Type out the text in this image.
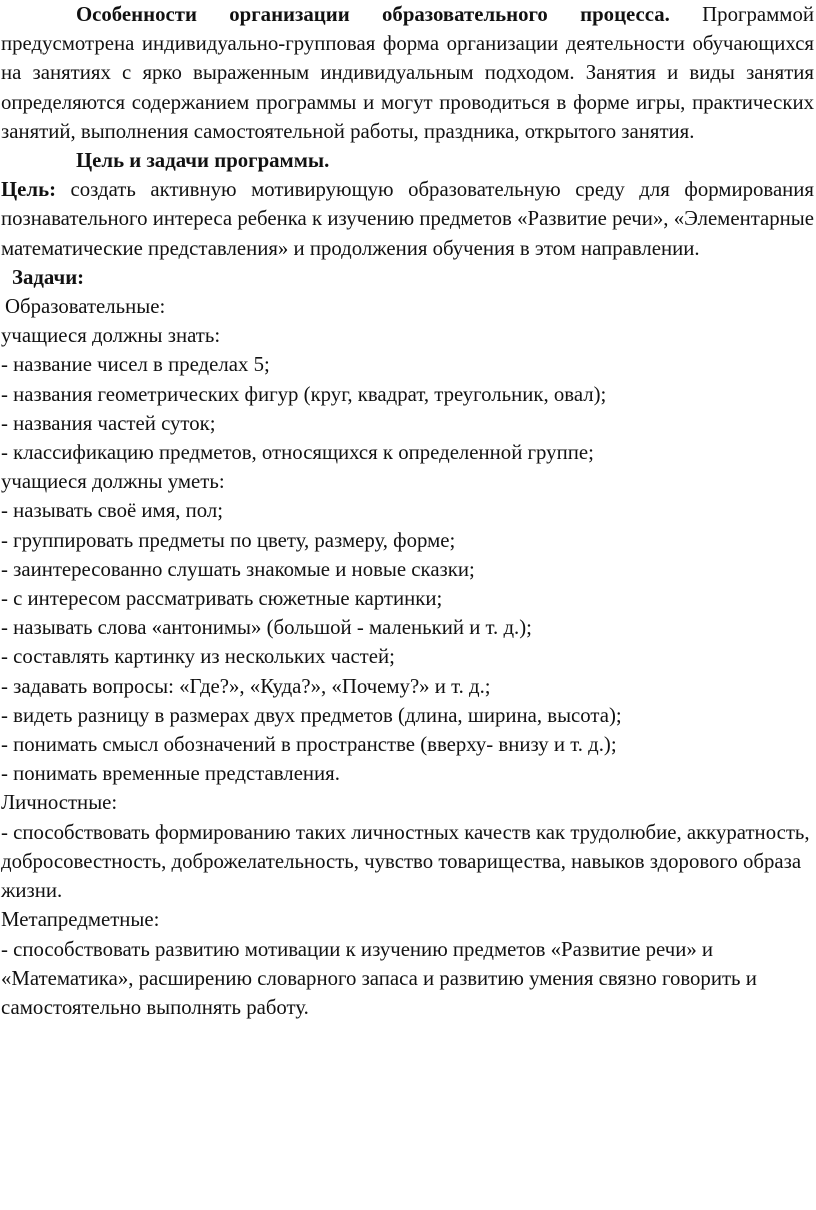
Особенности организации образовательного процесса. Программой предусмотрена индивидуально-групповая форма организации деятельности обучающихся на занятиях с ярко выраженным индивидуальным подходом. Занятия и виды занятия определяются содержанием программы и могут проводиться в форме игры, практических занятий, выполнения самостоятельной работы, праздника, открытого занятия.

Цель и задачи программы.

Цель: создать активную мотивирующую образовательную среду для формирования познавательного интереса ребенка к изучению предметов «Развитие речи», «Элементарные математические представления» и продолжения обучения в этом направлении.

Задачи:

Образовательные:

учащиеся должны знать:

- название чисел в пределах 5;

- названия геометрических фигур (круг, квадрат, треугольник, овал);

- названия частей суток;

- классификацию предметов, относящихся к определенной группе;

учащиеся должны уметь:

- называть своё имя, пол;

- группировать предметы по цвету, размеру, форме;

- заинтересованно слушать знакомые и новые сказки;

- с интересом рассматривать сюжетные картинки;

- называть слова «антонимы» (большой - маленький и т. д.);

- составлять картинку из нескольких частей;

- задавать вопросы: «Где?», «Куда?», «Почему?» и т. д.;

- видеть разницу в размерах двух предметов (длина, ширина, высота);

- понимать смысл обозначений в пространстве (вверху- внизу и т. д.);

- понимать временные представления.

Личностные:

- способствовать формированию таких личностных качеств как трудолюбие, аккуратность, добросовестность, доброжелательность, чувство товарищества, навыков здорового образа жизни.

Метапредметные:

- способствовать развитию мотивации к изучению предметов «Развитие речи» и «Математика», расширению словарного запаса и развитию умения связно говорить и самостоятельно выполнять работу.
